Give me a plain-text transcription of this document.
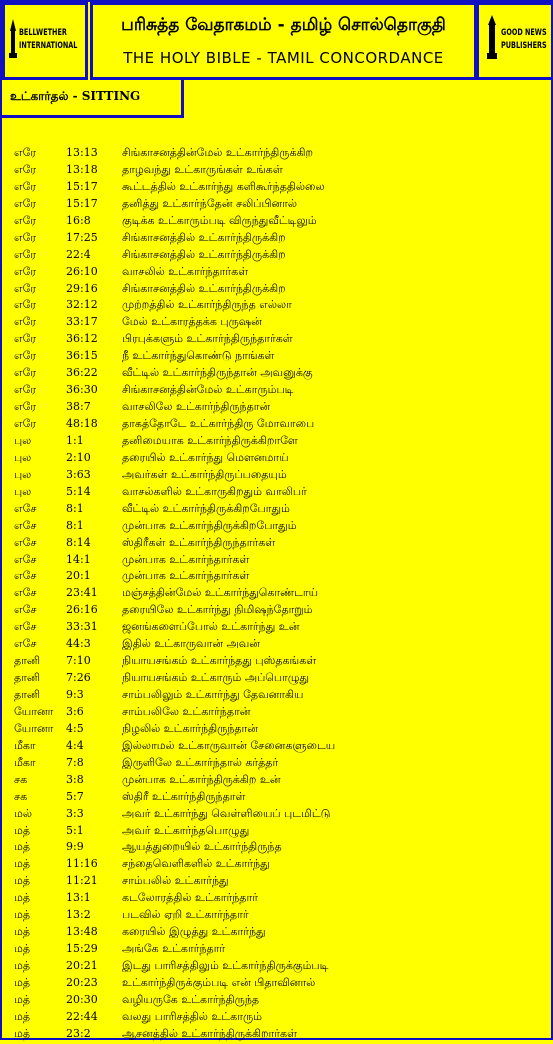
BELLWETHER
INTERNATIONAL
பரிசுத்த வேதாகமம் - தமிழ் சொல்தொகுதி
THE HOLY BIBLE - TAMIL CONCORDANCE
GOOD NEWS
PUBLISHERS
உட்கார்தல் - SITTING
எரே	13:13 சிங்காசனத்தின்மேல் உட்கார்ந்திருக்கிற
எரே	13:18 தாழவந்து உட்காருங்கள் உங்கள்
எரே	15:17 கூட்டத்தில் உட்கார்ந்து களிகூர்ந்ததில்லை
எரே	15:17 தனித்து உட்கார்ந்தேன் சலிப்பினால்
எரே	16:8	குடிக்க உட்காரும்படி விருந்துவீட்டிலும்
எரே	17:25 சிங்காசனத்தில் உட்கார்ந்திருக்கிற
எரே	22:4	சிங்காசனத்தில் உட்கார்ந்திருக்கிற
எரே	26:10 வாசலில் உட்கார்ந்தார்கள்
எரே	29:16 சிங்காசனத்தில் உட்கார்ந்திருக்கிற
எரே	32:12 முற்றத்தில் உட்கார்ந்திருந்த எல்லா
எரே	33:17 மேல் உட்காரத்தக்க புருஷன்
எரே	36:12 பிரபுக்களும் உட்கார்ந்திருந்தார்கள்
எரே	36:15 நீ உட்கார்ந்துகொண்டு நாங்கள்
எரே	36:22 வீட்டில் உட்கார்ந்திருந்தான் அவனுக்கு
எரே	36:30 சிங்காசனத்தின்மேல் உட்காரும்படி
எரே	38:7	வாசலிலே உட்கார்ந்திருந்தான்
எரே	48:18 தாகத்தோடே உட்கார்ந்திரு மோவாபை
புல	1:1	தனிமையாக உட்கார்ந்திருக்கிறாளே
புல	2:10	தரையில் உட்கார்ந்து மௌனமாய்
புல	3:63	அவர்கள் உட்கார்ந்திருப்பதையும்
புல	5:14	வாசல்களில் உட்காருகிறதும் வாலிபர்
எசே	8:1	வீட்டில் உட்கார்ந்திருக்கிறபோதும்
எசே	8:1	முன்பாக உட்கார்ந்திருக்கிறபோதும்
எசே	8:14	ஸ்திரீகள் உட்கார்ந்திருந்தார்கள்
எசே	14:1	முன்பாக உட்கார்ந்தார்கள்
எசே	20:1	முன்பாக உட்கார்ந்தார்கள்
எசே	23:41 மஞ்சத்தின்மேல் உட்கார்ந்துகொண்டாய்
எசே	26:16 தரையிலே உட்கார்ந்து நிமிஷந்தோறும்
எசே	33:31 ஜனங்களைப்போல் உட்கார்ந்து உன்
எசே	44:3	இதில் உட்காருவான் அவன்
தானி 7:10	நியாயசங்கம் உட்கார்ந்தது புஸ்தகங்கள்
தானி 7:26	நியாயசங்கம் உட்காரும் அப்பொழுது
தானி 9:3	சாம்பலிலும் உட்கார்ந்து தேவனாகிய
யோனா 3:6	சாம்பலிலே உட்கார்ந்தான்
யோனா 4:5	நிழலில் உட்கார்ந்திருந்தான்
மீகா	4:4	இல்லாமல் உட்காருவான் சேனைகளுடைய
மீகா	7:8	இருளிலே உட்கார்ந்தால் கர்த்தர்
சக	3:8	முன்பாக உட்கார்ந்திருக்கிற உன்
சக	5:7	ஸ்திரீ உட்கார்ந்திருந்தாள்
மல்	3:3	அவர் உட்கார்ந்து வெள்ளியைப் புடமிட்டு
மத்	5:1	அவர் உட்கார்ந்தபொழுது
மத்	9:9	ஆயத்துறையில் உட்கார்ந்திருந்த
மத்	11:16 சந்தைவெளிகளில் உட்கார்ந்து
மத்	11:21 சாம்பலில் உட்கார்ந்து
மத்	13:1	கடலோரத்தில் உட்கார்ந்தார்
மத்	13:2	படவில் ஏறி உட்கார்ந்தார்
மத்	13:48 கரையில் இழுத்து உட்கார்ந்து
மத்	15:29 அங்கே உட்கார்ந்தார்
மத்	20:21 இடது பாரிசத்திலும் உட்கார்ந்திருக்கும்படி
மத்	20:23 உட்கார்ந்திருக்கும்படி என் பிதாவினால்
மத்	20:30 வழியருகே உட்கார்ந்திருந்த
மத்	22:44 வலது பாரிசத்தில் உட்காரும்
மத்	23:2	ஆசனத்தில் உட்கார்ந்திருக்கிறார்கள்
